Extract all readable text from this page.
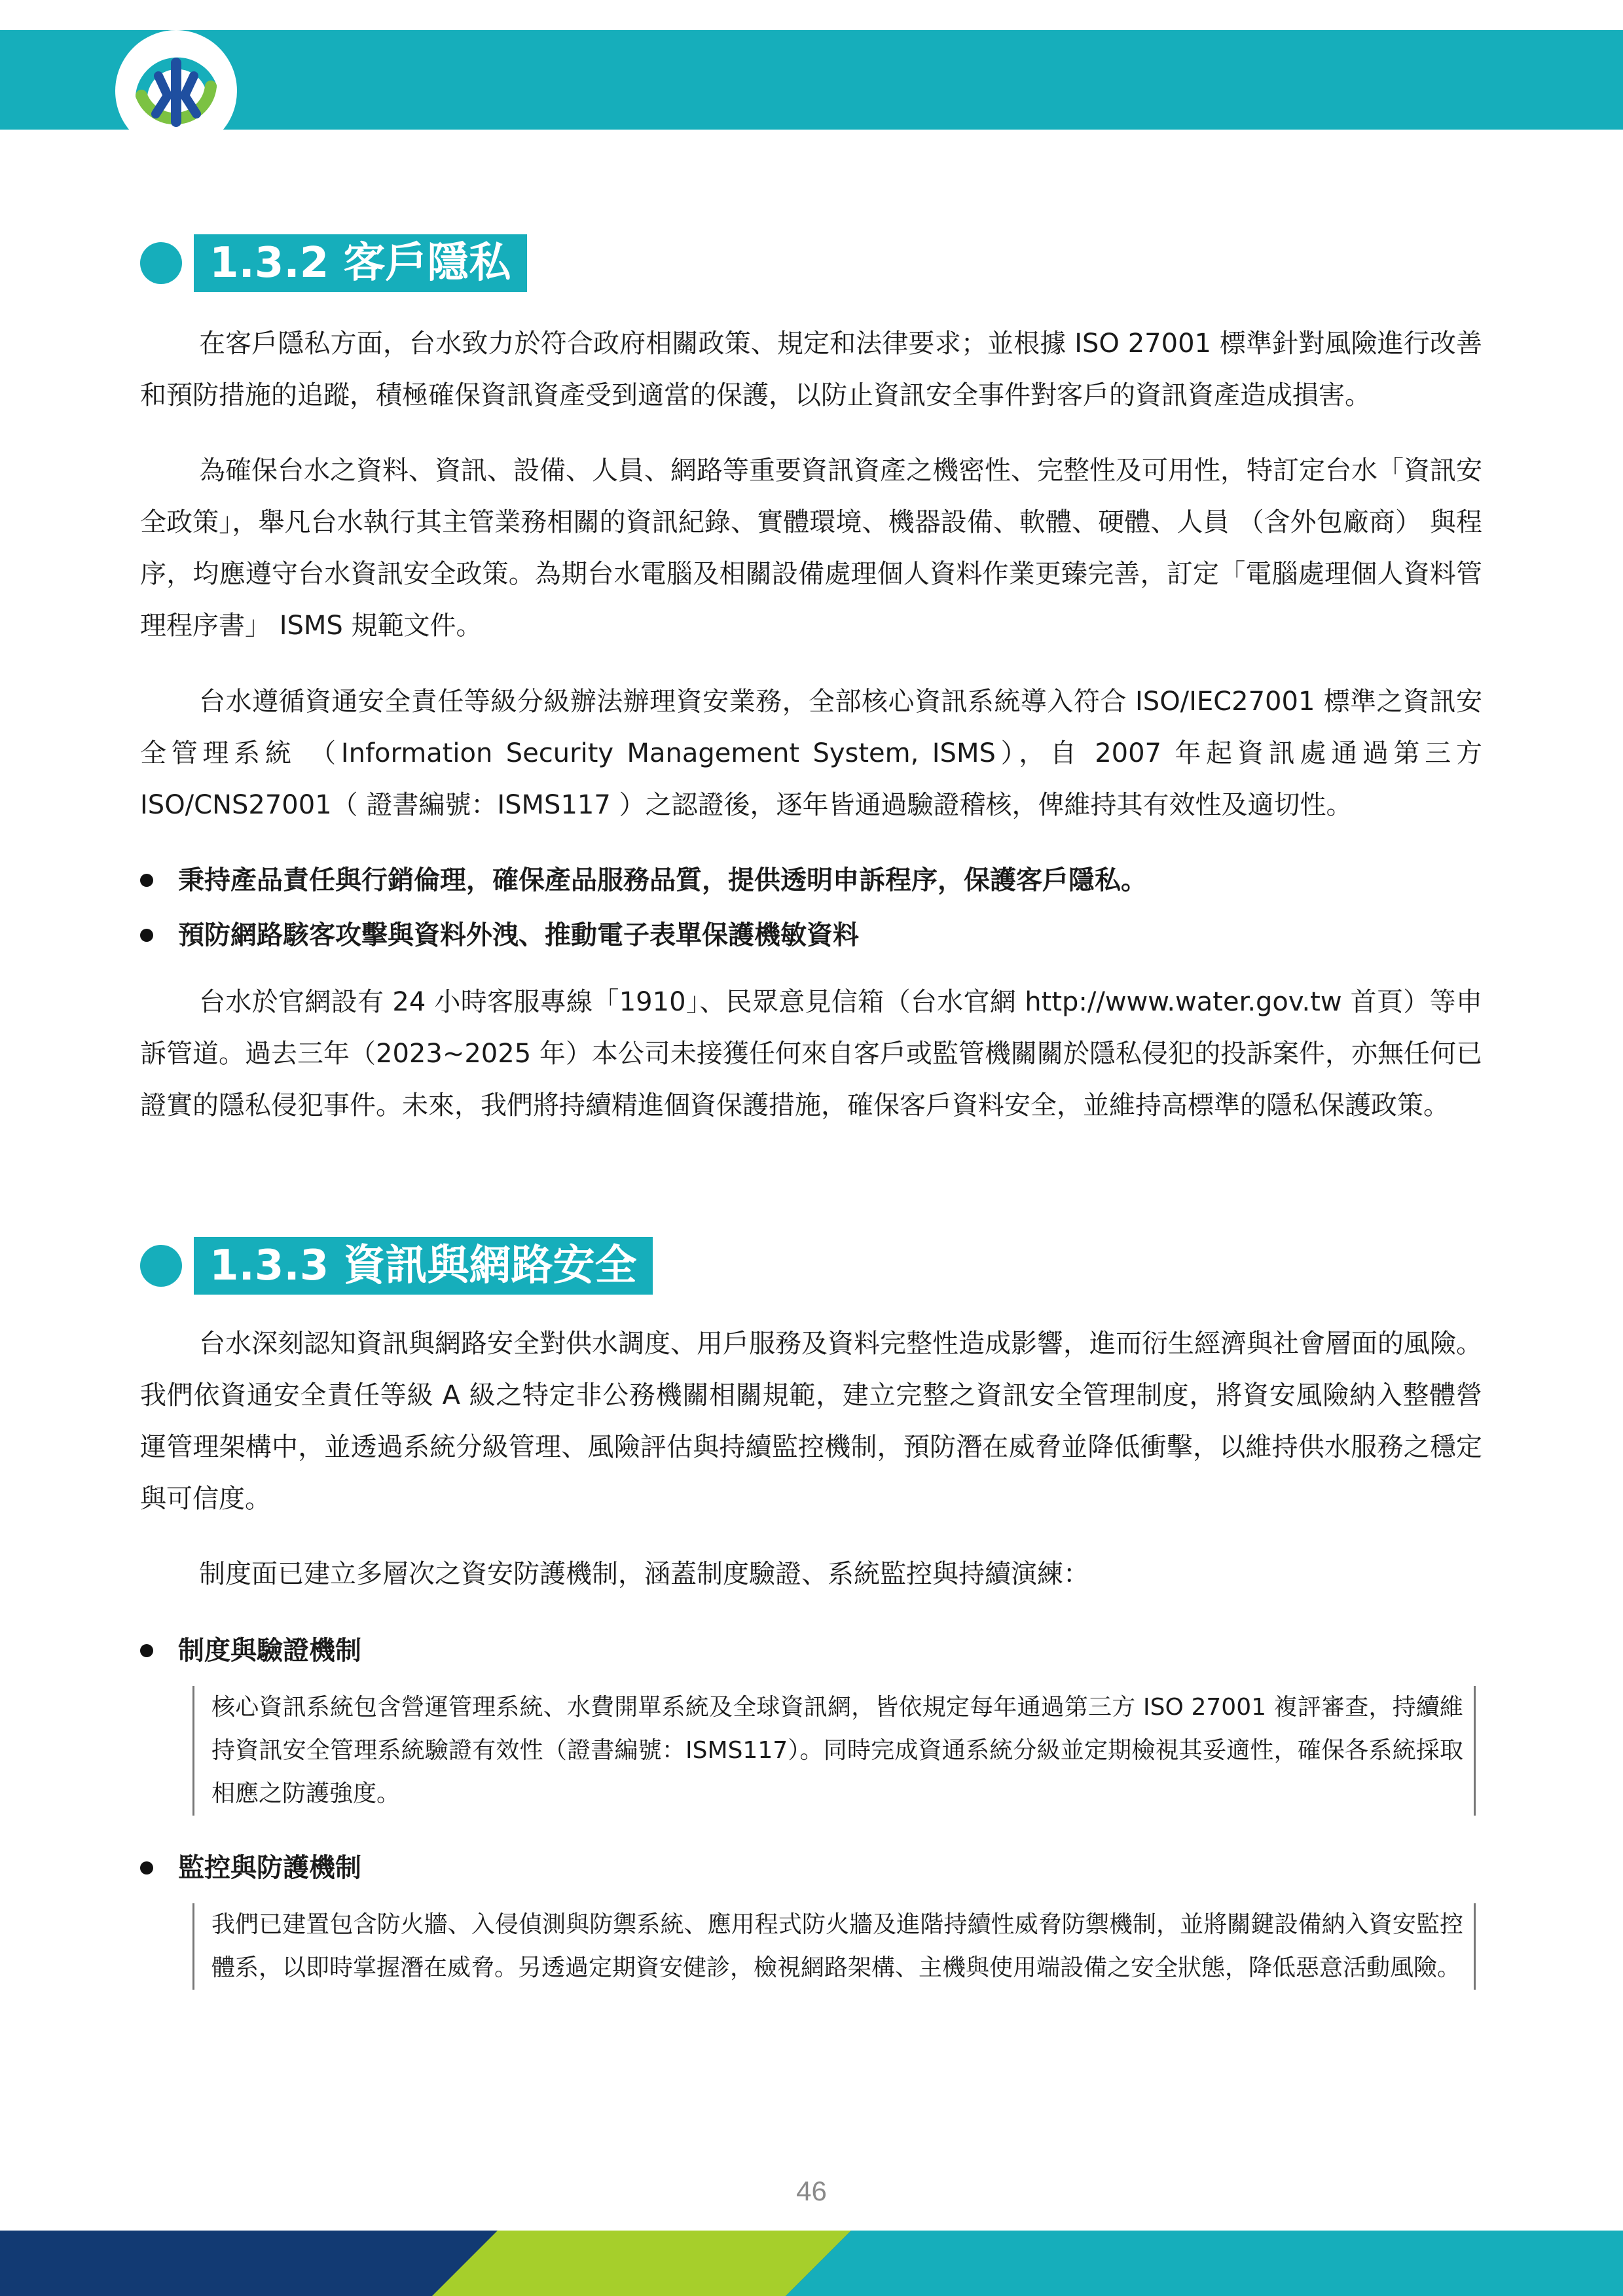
1.3.2 客戶隱私

在客戶隱私方面，台水致力於符合政府相關政策、規定和法律要求；並根據 ISO 27001 標準針對風險進行改善和預防措施的追蹤，積極確保資訊資產受到適當的保護，以防止資訊安全事件對客戶的資訊資產造成損害。

為確保台水之資料、資訊、設備、人員、網路等重要資訊資產之機密性、完整性及可用性，特訂定台水「資訊安全政策」，舉凡台水執行其主管業務相關的資訊紀錄、實體環境、機器設備、軟體、硬體、人員 （含外包廠商） 與程序，均應遵守台水資訊安全政策。為期台水電腦及相關設備處理個人資料作業更臻完善，訂定「電腦處理個人資料管理程序書」 ISMS 規範文件。

台水遵循資通安全責任等級分級辦法辦理資安業務，全部核心資訊系統導入符合 ISO/IEC27001 標準之資訊安全管理系統 （Information Security Management System, ISMS），自 2007 年起資訊處通過第三方 ISO/CNS27001（ 證書編號：ISMS117 ）之認證後，逐年皆通過驗證稽核，俾維持其有效性及適切性。

秉持產品責任與行銷倫理，確保產品服務品質，提供透明申訴程序，保護客戶隱私。
預防網路駭客攻擊與資料外洩、推動電子表單保護機敏資料

台水於官網設有 24 小時客服專線「1910」、民眾意見信箱（台水官網 http://www.water.gov.tw 首頁）等申訴管道。過去三年（2023~2025 年）本公司未接獲任何來自客戶或監管機關關於隱私侵犯的投訴案件，亦無任何已證實的隱私侵犯事件。未來，我們將持續精進個資保護措施，確保客戶資料安全，並維持高標準的隱私保護政策。

1.3.3 資訊與網路安全

台水深刻認知資訊與網路安全對供水調度、用戶服務及資料完整性造成影響，進而衍生經濟與社會層面的風險。我們依資通安全責任等級 A 級之特定非公務機關相關規範，建立完整之資訊安全管理制度，將資安風險納入整體營運管理架構中，並透過系統分級管理、風險評估與持續監控機制，預防潛在威脅並降低衝擊，以維持供水服務之穩定與可信度。

制度面已建立多層次之資安防護機制，涵蓋制度驗證、系統監控與持續演練：

制度與驗證機制
核心資訊系統包含營運管理系統、水費開單系統及全球資訊網，皆依規定每年通過第三方 ISO 27001 複評審查，持續維持資訊安全管理系統驗證有效性（證書編號：ISMS117）。同時完成資通系統分級並定期檢視其妥適性，確保各系統採取相應之防護強度。
監控與防護機制
我們已建置包含防火牆、入侵偵測與防禦系統、應用程式防火牆及進階持續性威脅防禦機制，並將關鍵設備納入資安監控體系，以即時掌握潛在威脅。另透過定期資安健診，檢視網路架構、主機與使用端設備之安全狀態，降低惡意活動風險。
46
